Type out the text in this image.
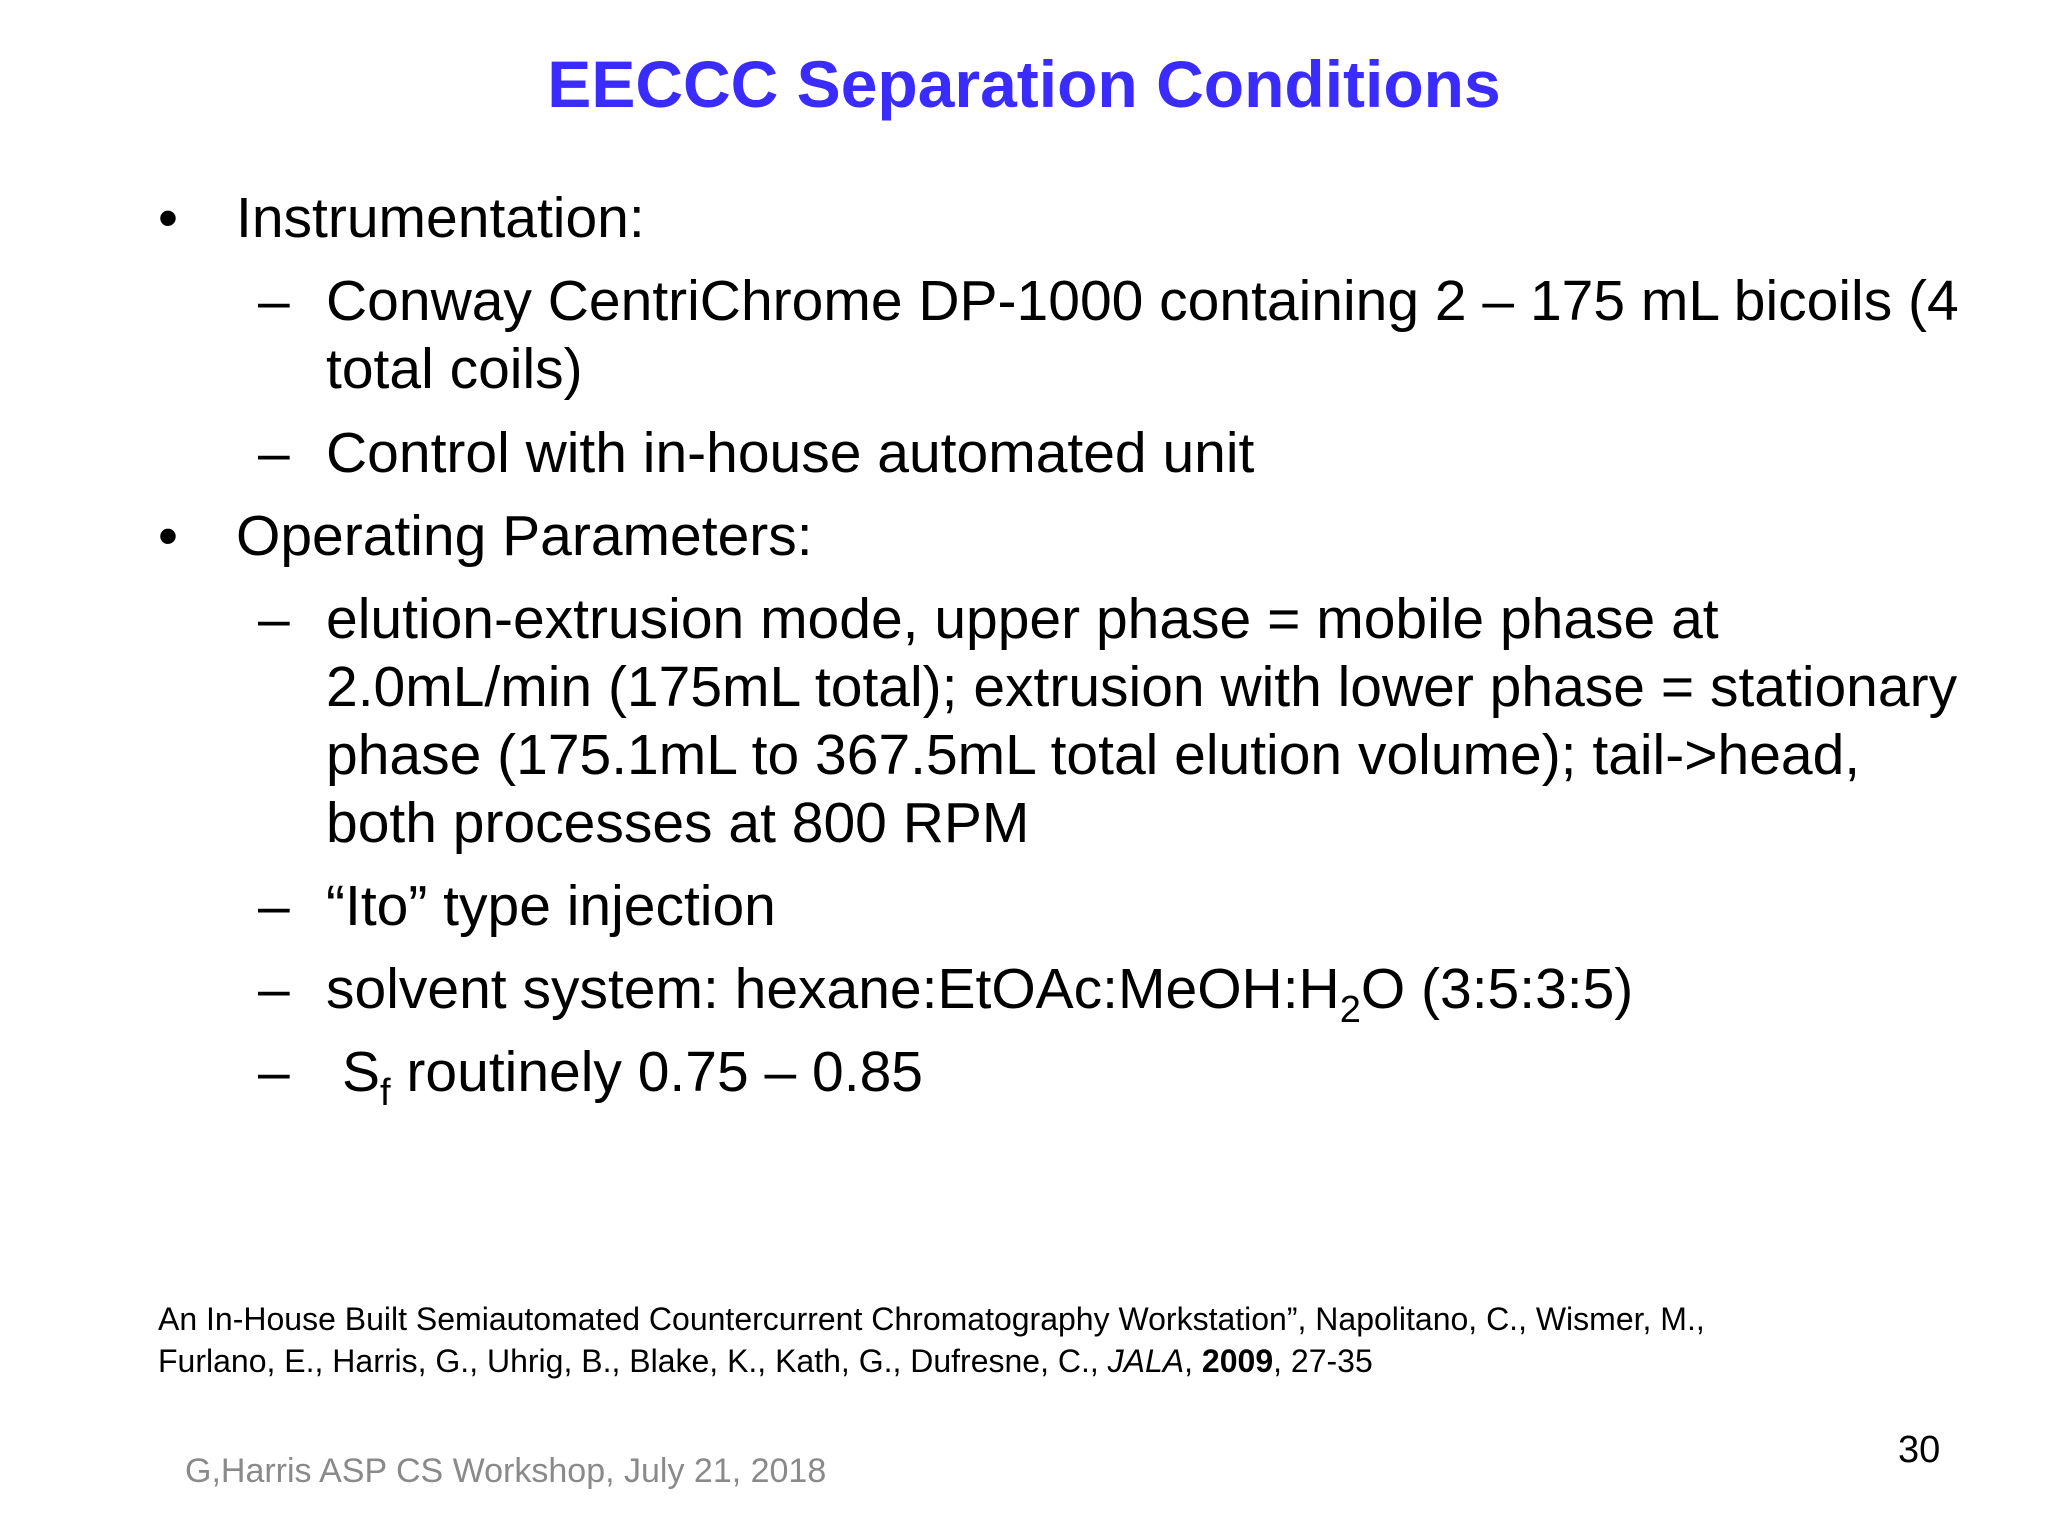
EECCC Separation Conditions
• Instrumentation:
– Conway CentriChrome DP-1000 containing 2 – 175 mL bicoils (4
total coils)
– Control with in-house automated unit
• Operating Parameters:
– elution-extrusion mode, upper phase = mobile phase at
2.0mL/min (175mL total); extrusion with lower phase = stationary
phase (175.1mL to 367.5mL total elution volume); tail->head,
both processes at 800 RPM
– “Ito” type injection
– solvent system: $hexane:EtOAc:MeOH:H_2O$ (3:5:3:5)
– $S_f$ routinely 0.75 – 0.85
An In-House Built Semiautomated Countercurrent Chromatography Workstation”, Napolitano, C., Wismer, M.,
Furlano, E., Harris, G., Uhrig, B., Blake, K., Kath, G., Dufresne, C., JALA, 2009, 27-35
G,Harris ASP CS Workshop, July 21, 2018	30
